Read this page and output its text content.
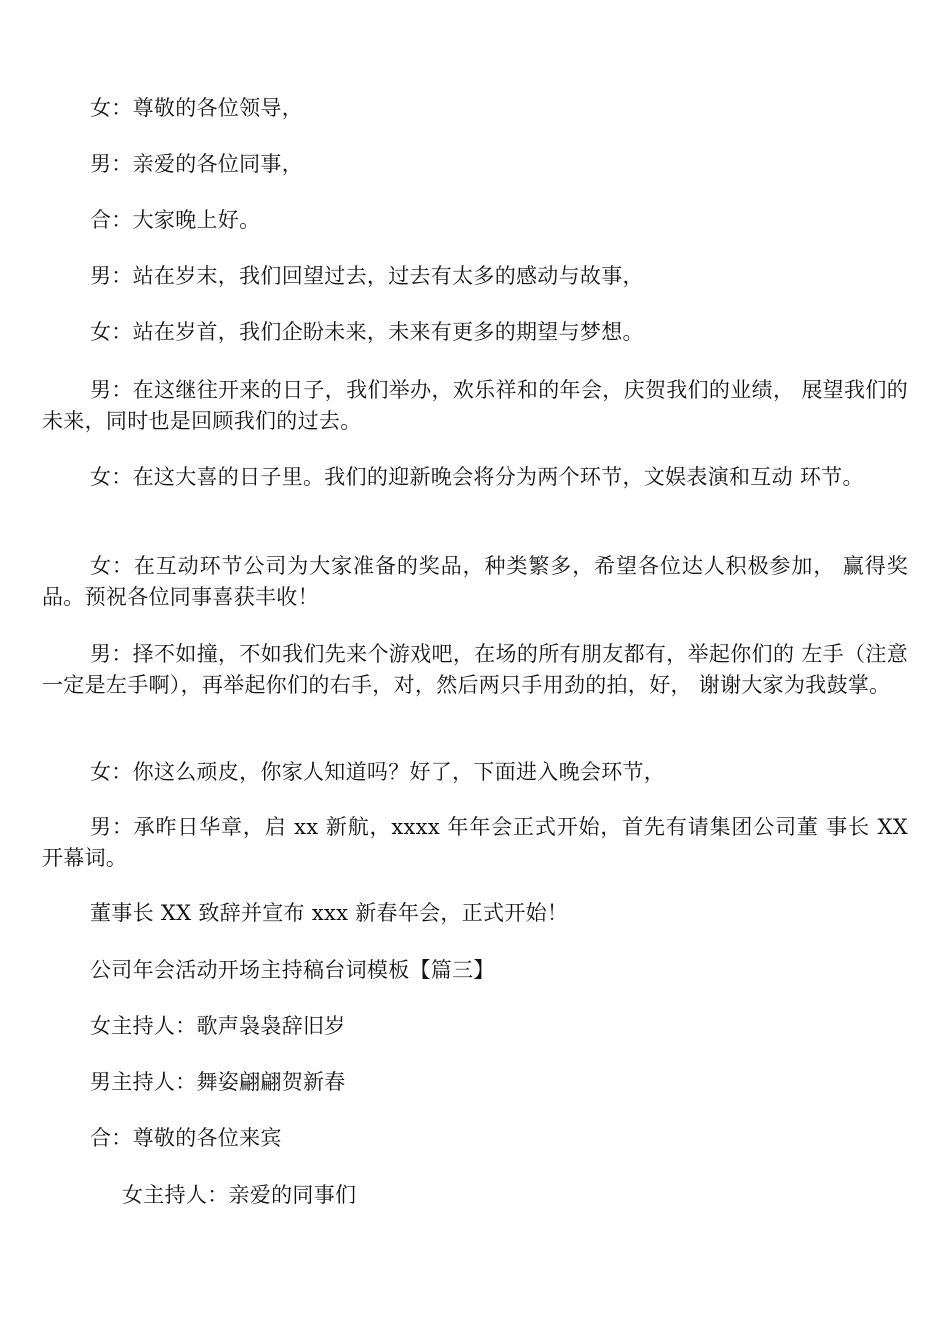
女：尊敬的各位领导，

男：亲爱的各位同事，

合：大家晚上好。

男：站在岁末，我们回望过去，过去有太多的感动与故事，

女：站在岁首，我们企盼未来，未来有更多的期望与梦想。

男：在这继往开来的日子，我们举办，欢乐祥和的年会，庆贺我们的业绩， 展望我们的未来，同时也是回顾我们的过去。

女：在这大喜的日子里。我们的迎新晚会将分为两个环节，文娱表演和互动 环节。

女：在互动环节公司为大家准备的奖品，种类繁多，希望各位达人积极参加， 赢得奖品。预祝各位同事喜获丰收！

男：择不如撞，不如我们先来个游戏吧，在场的所有朋友都有，举起你们的 左手（注意一定是左手啊），再举起你们的右手，对，然后两只手用劲的拍，好， 谢谢大家为我鼓掌。

女：你这么顽皮，你家人知道吗？好了，下面进入晚会环节，

男：承昨日华章，启 xx 新航，xxxx 年年会正式开始，首先有请集团公司董 事长 XX 开幕词。

董事长 XX 致辞并宣布 xxx 新春年会，正式开始！

公司年会活动开场主持稿台词模板【篇三】

女主持人：歌声袅袅辞旧岁

男主持人：舞姿翩翩贺新春

合：尊敬的各位来宾

女主持人：亲爱的同事们
